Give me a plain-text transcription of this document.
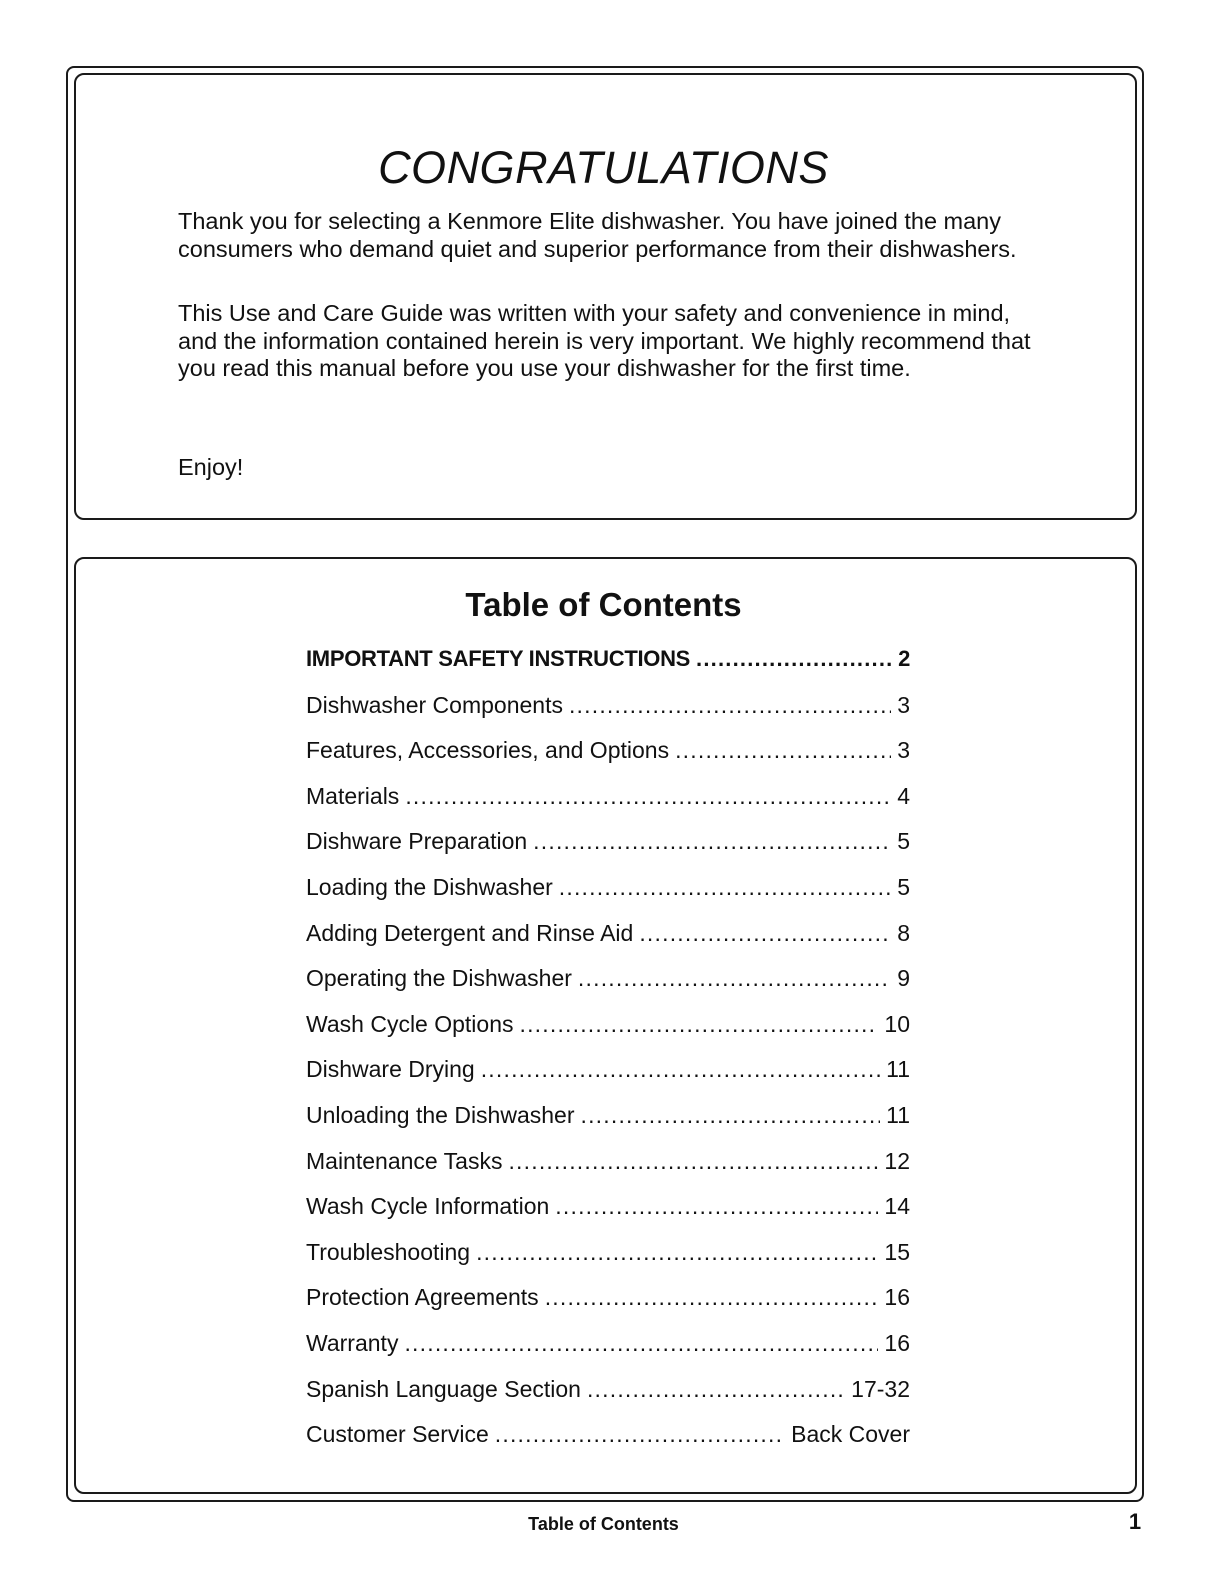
CONGRATULATIONS

Thank you for selecting a Kenmore Elite dishwasher. You have joined the many consumers who demand quiet and superior performance from their dishwashers.

This Use and Care Guide was written with your safety and convenience in mind, and the information contained herein is very important. We highly recommend that you read this manual before you use your dishwasher for the first time.

Enjoy!
Table of Contents
IMPORTANT SAFETY INSTRUCTIONS .....	2
Dishwasher Components .....	3
Features, Accessories, and Options .....	3
Materials .....	4
Dishware Preparation .....	5
Loading the Dishwasher .....	5
Adding Detergent and Rinse Aid .....	8
Operating the Dishwasher .....	9
Wash Cycle Options .....	10
Dishware Drying .....	11
Unloading the Dishwasher .....	11
Maintenance Tasks .....	12
Wash Cycle Information .....	14
Troubleshooting .....	15
Protection Agreements .....	16
Warranty .....	16
Spanish Language Section .....	17-32
Customer Service .....	Back Cover
Table of Contents	1
